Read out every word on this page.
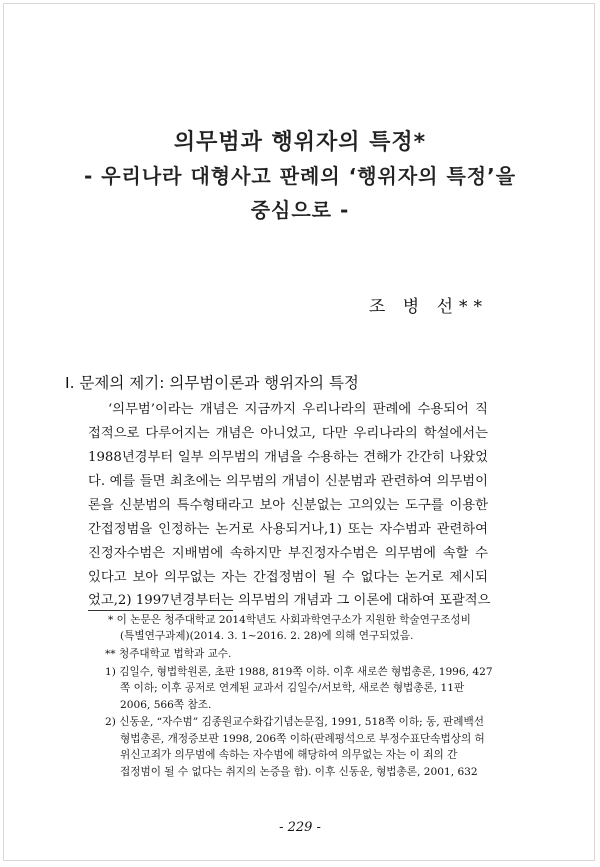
의무범과 행위자의 특정*
- 우리나라 대형사고 판례의 ‘행위자의 특정’을
중심으로 -
조 병 선**
I. 문제의 제기: 의무범이론과 행위자의 특정
‘의무범’이라는 개념은 지금까지 우리나라의 판례에 수용되어 직
접적으로 다루어지는 개념은 아니었고, 다만 우리나라의 학설에서는
1988년경부터 일부 의무범의 개념을 수용하는 견해가 간간히 나왔었
다. 예를 들면 최초에는 의무범의 개념이 신분범과 관련하여 의무범이
론을 신분범의 특수형태라고 보아 신분없는 고의있는 도구를 이용한
간접정범을 인정하는 논거로 사용되거나,1) 또는 자수범과 관련하여
진정자수범은 지배범에 속하지만 부진정자수범은 의무범에 속할 수
있다고 보아 의무없는 자는 간접정범이 될 수 없다는 논거로 제시되
었고,2) 1997년경부터는 의무범의 개념과 그 이론에 대하여 포괄적으
* 이 논문은 청주대학교 2014학년도 사회과학연구소가 지원한 학술연구조성비
(특별연구과제)(2014. 3. 1~2016. 2. 28)에 의해 연구되었음.
** 청주대학교 법학과 교수.
1) 김일수, 형법학원론, 초판 1988, 819쪽 이하. 이후 새로쓴 형법총론, 1996, 427
쪽 이하; 이후 공저로 연계된 교과서 김일수/서보학, 새로쓴 형법총론, 11판
2006, 566쪽 참조.
2) 신동운, “자수범” 김종원교수화갑기념논문집, 1991, 518쪽 이하; 동, 판례백선
형법총론, 개정증보판 1998, 206쪽 이하(판례평석으로 부정수표단속법상의 허
위신고죄가 의무범에 속하는 자수범에 해당하여 의무없는 자는 이 죄의 간
접정범이 될 수 없다는 취지의 논증을 함). 이후 신동운, 형법총론, 2001, 632
- 229 -
